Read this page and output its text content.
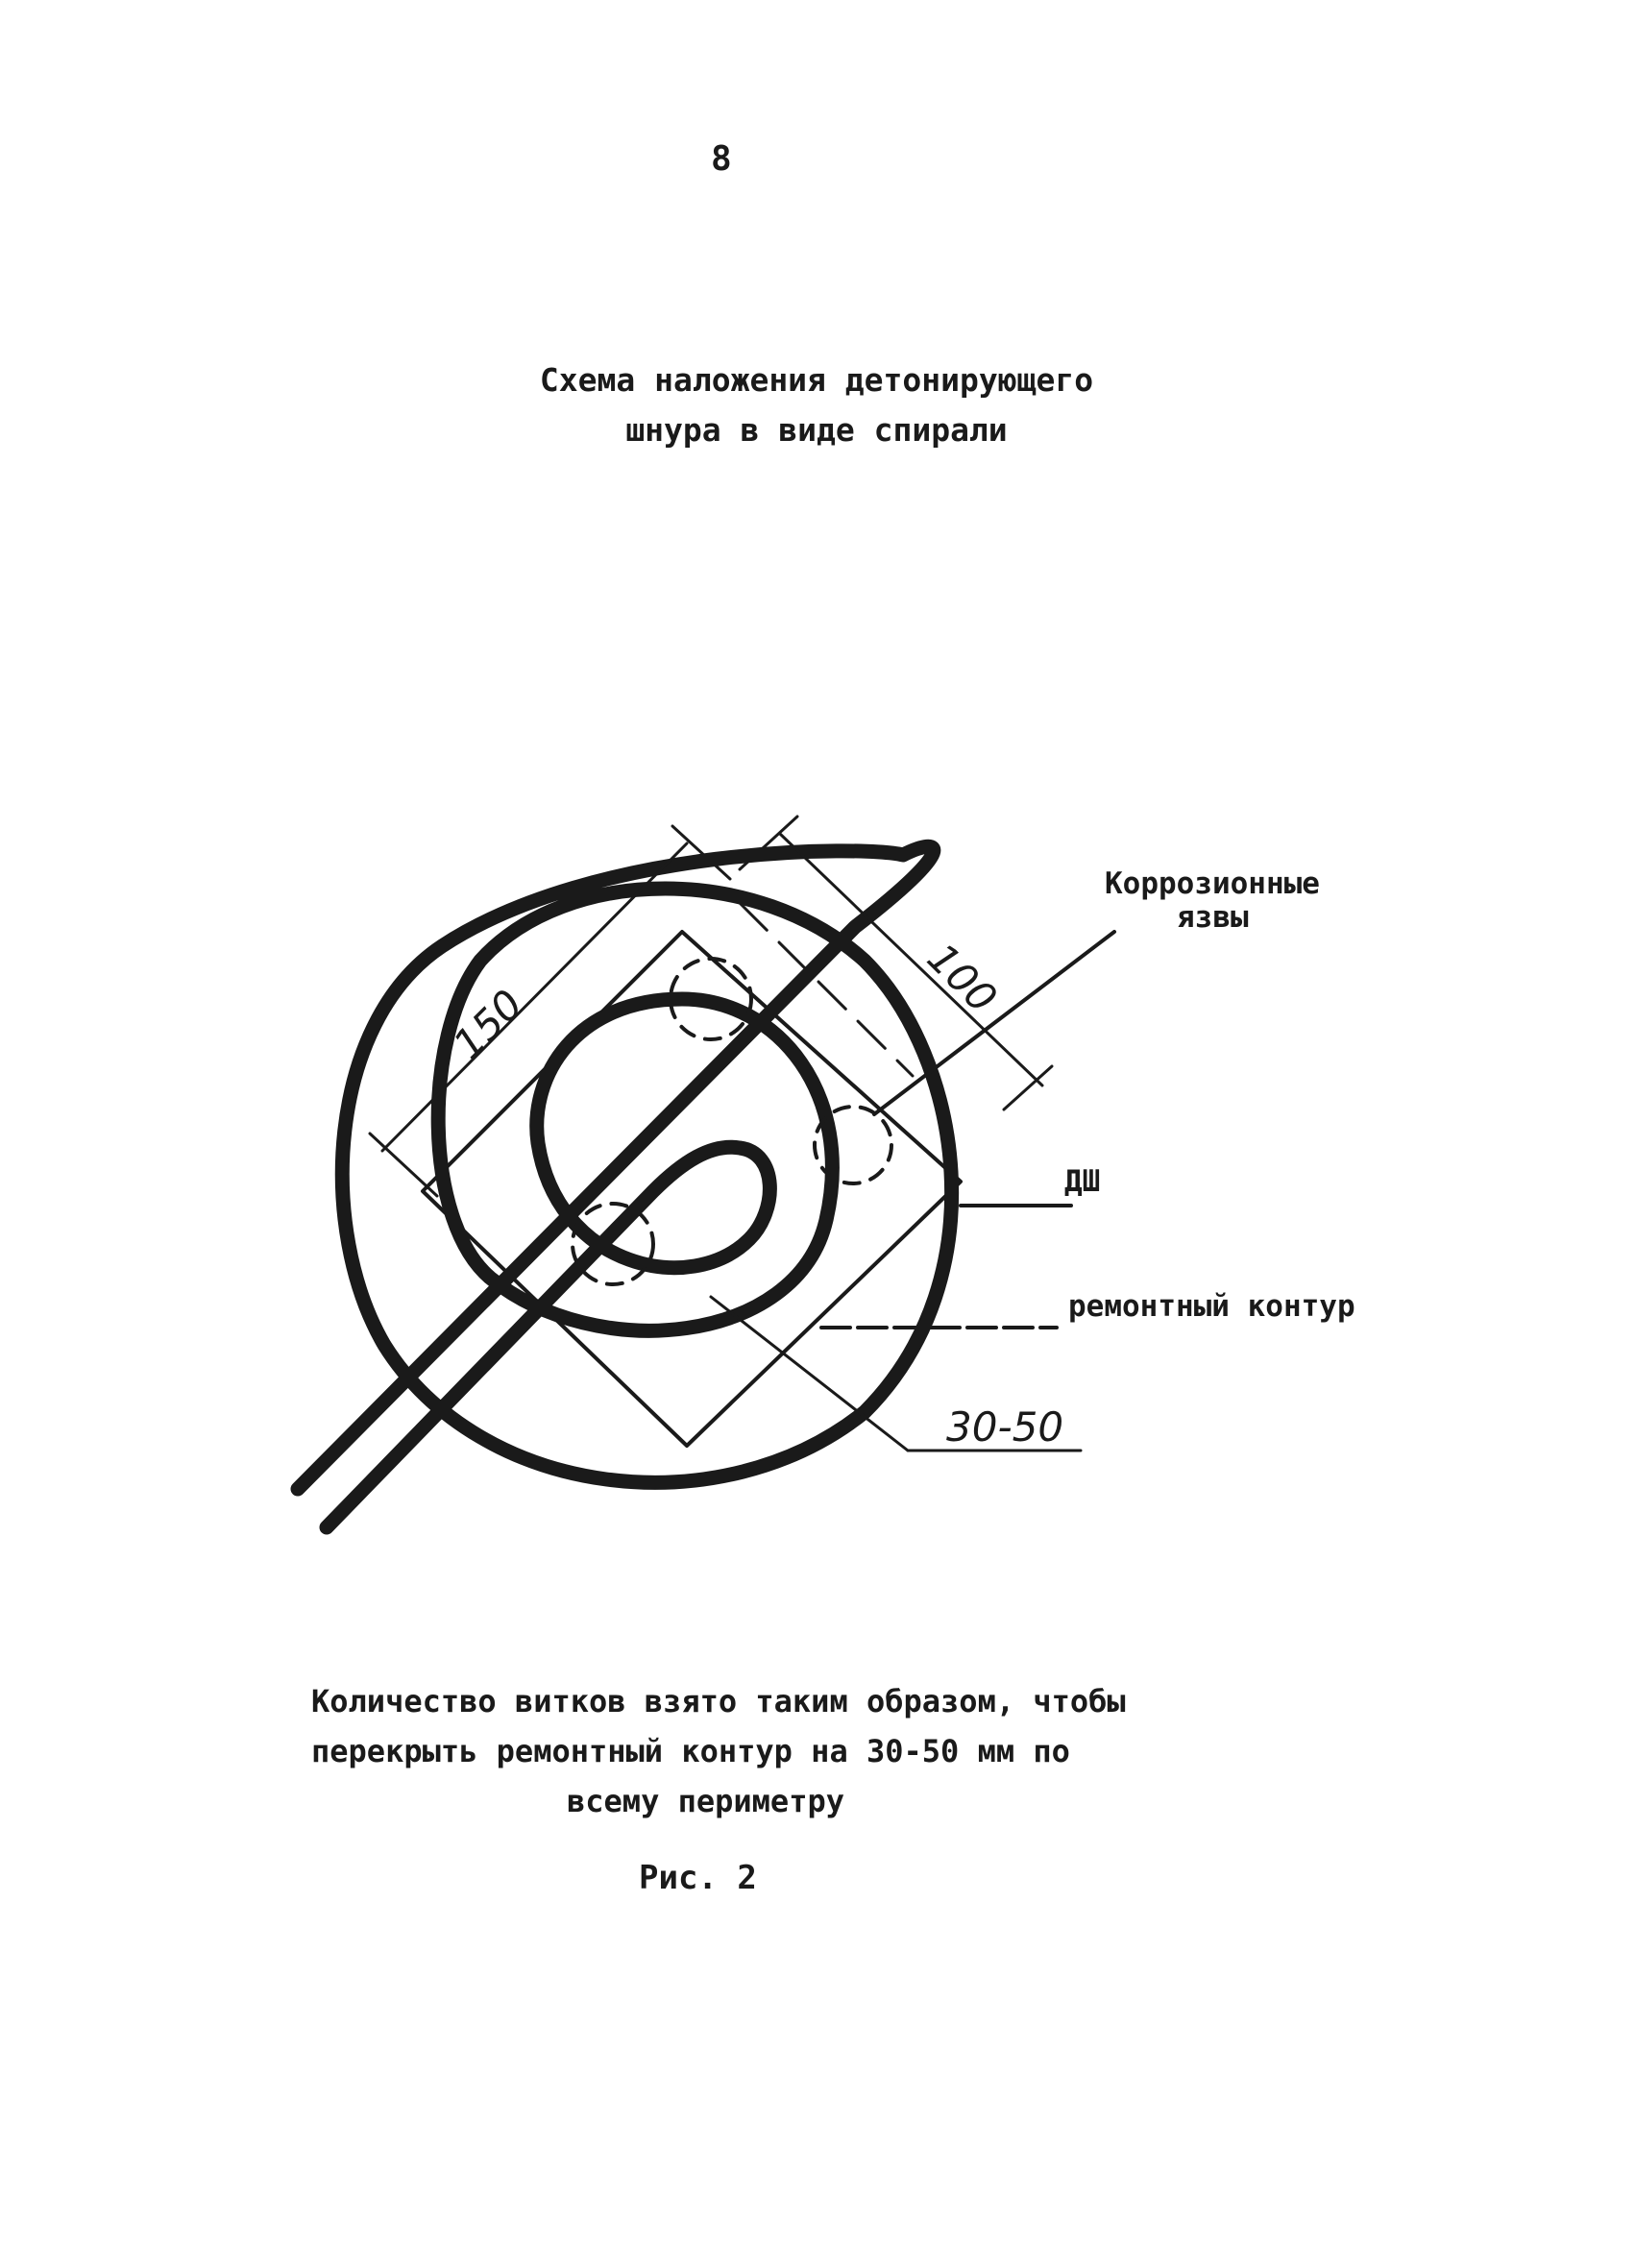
8
Схема наложения детонирующего
шнура в виде спирали
Коррозионные
язвы
ДШ
ремонтный контур
150
100
30-50
Количество витков взято таким образом, чтобы
перекрыть ремонтный контур на 30-50 мм по
всему периметру
Рис. 2
